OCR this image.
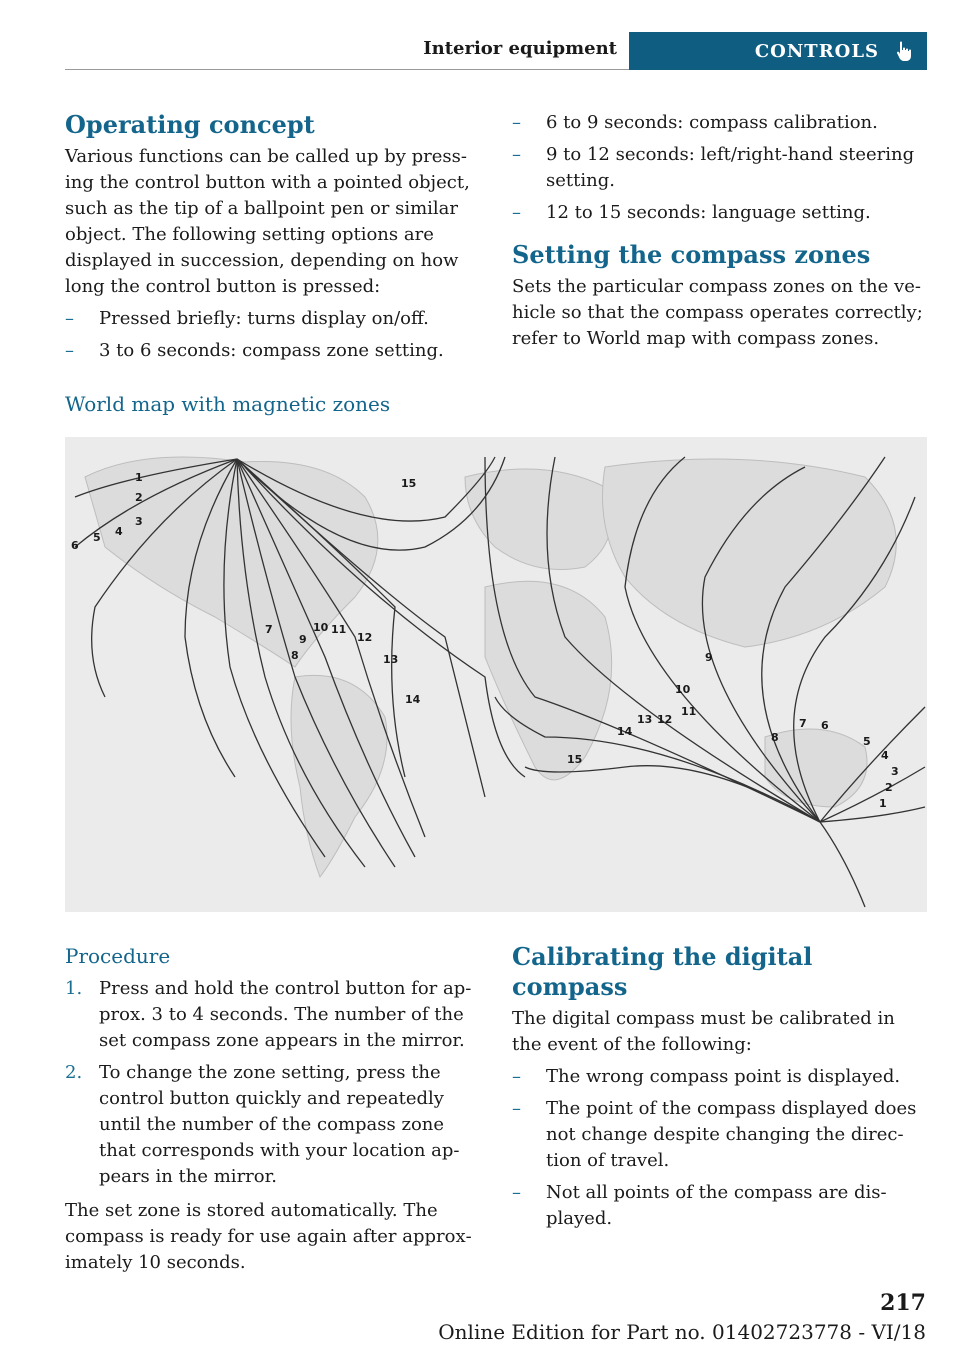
Interior equipment	CONTROLS
Operating concept

Various functions can be called up by pressing the control button with a pointed object, such as the tip of a ballpoint pen or similar object. The following setting options are displayed in succession, depending on how long the control button is pressed:

– Pressed briefly: turns display on/off.
– 3 to 6 seconds: compass zone setting.
– 6 to 9 seconds: compass calibration.
– 9 to 12 seconds: left/right-hand steering setting.
– 12 to 15 seconds: language setting.
Setting the compass zones

Sets the particular compass zones on the vehicle so that the compass operates correctly; refer to World map with compass zones.

World map with magnetic zones
1
2
3
4
5
6
7
8
9
10 11
12
13
14
15
1
2
3
4
5
6
7
8
9
10
11
12
13
14
15
Procedure
1. Press and hold the control button for approx. 3 to 4 seconds. The number of the set compass zone appears in the mirror.
2. To change the zone setting, press the control button quickly and repeatedly until the number of the compass zone that corresponds with your location appears in the mirror.

The set zone is stored automatically. The compass is ready for use again after approximately 10 seconds.

Calibrating the digital compass

The digital compass must be calibrated in the event of the following:

– The wrong compass point is displayed.
– The point of the compass displayed does not change despite changing the direction of travel.
– Not all points of the compass are displayed.
217
Online Edition for Part no. 01402723778 - VI/18
